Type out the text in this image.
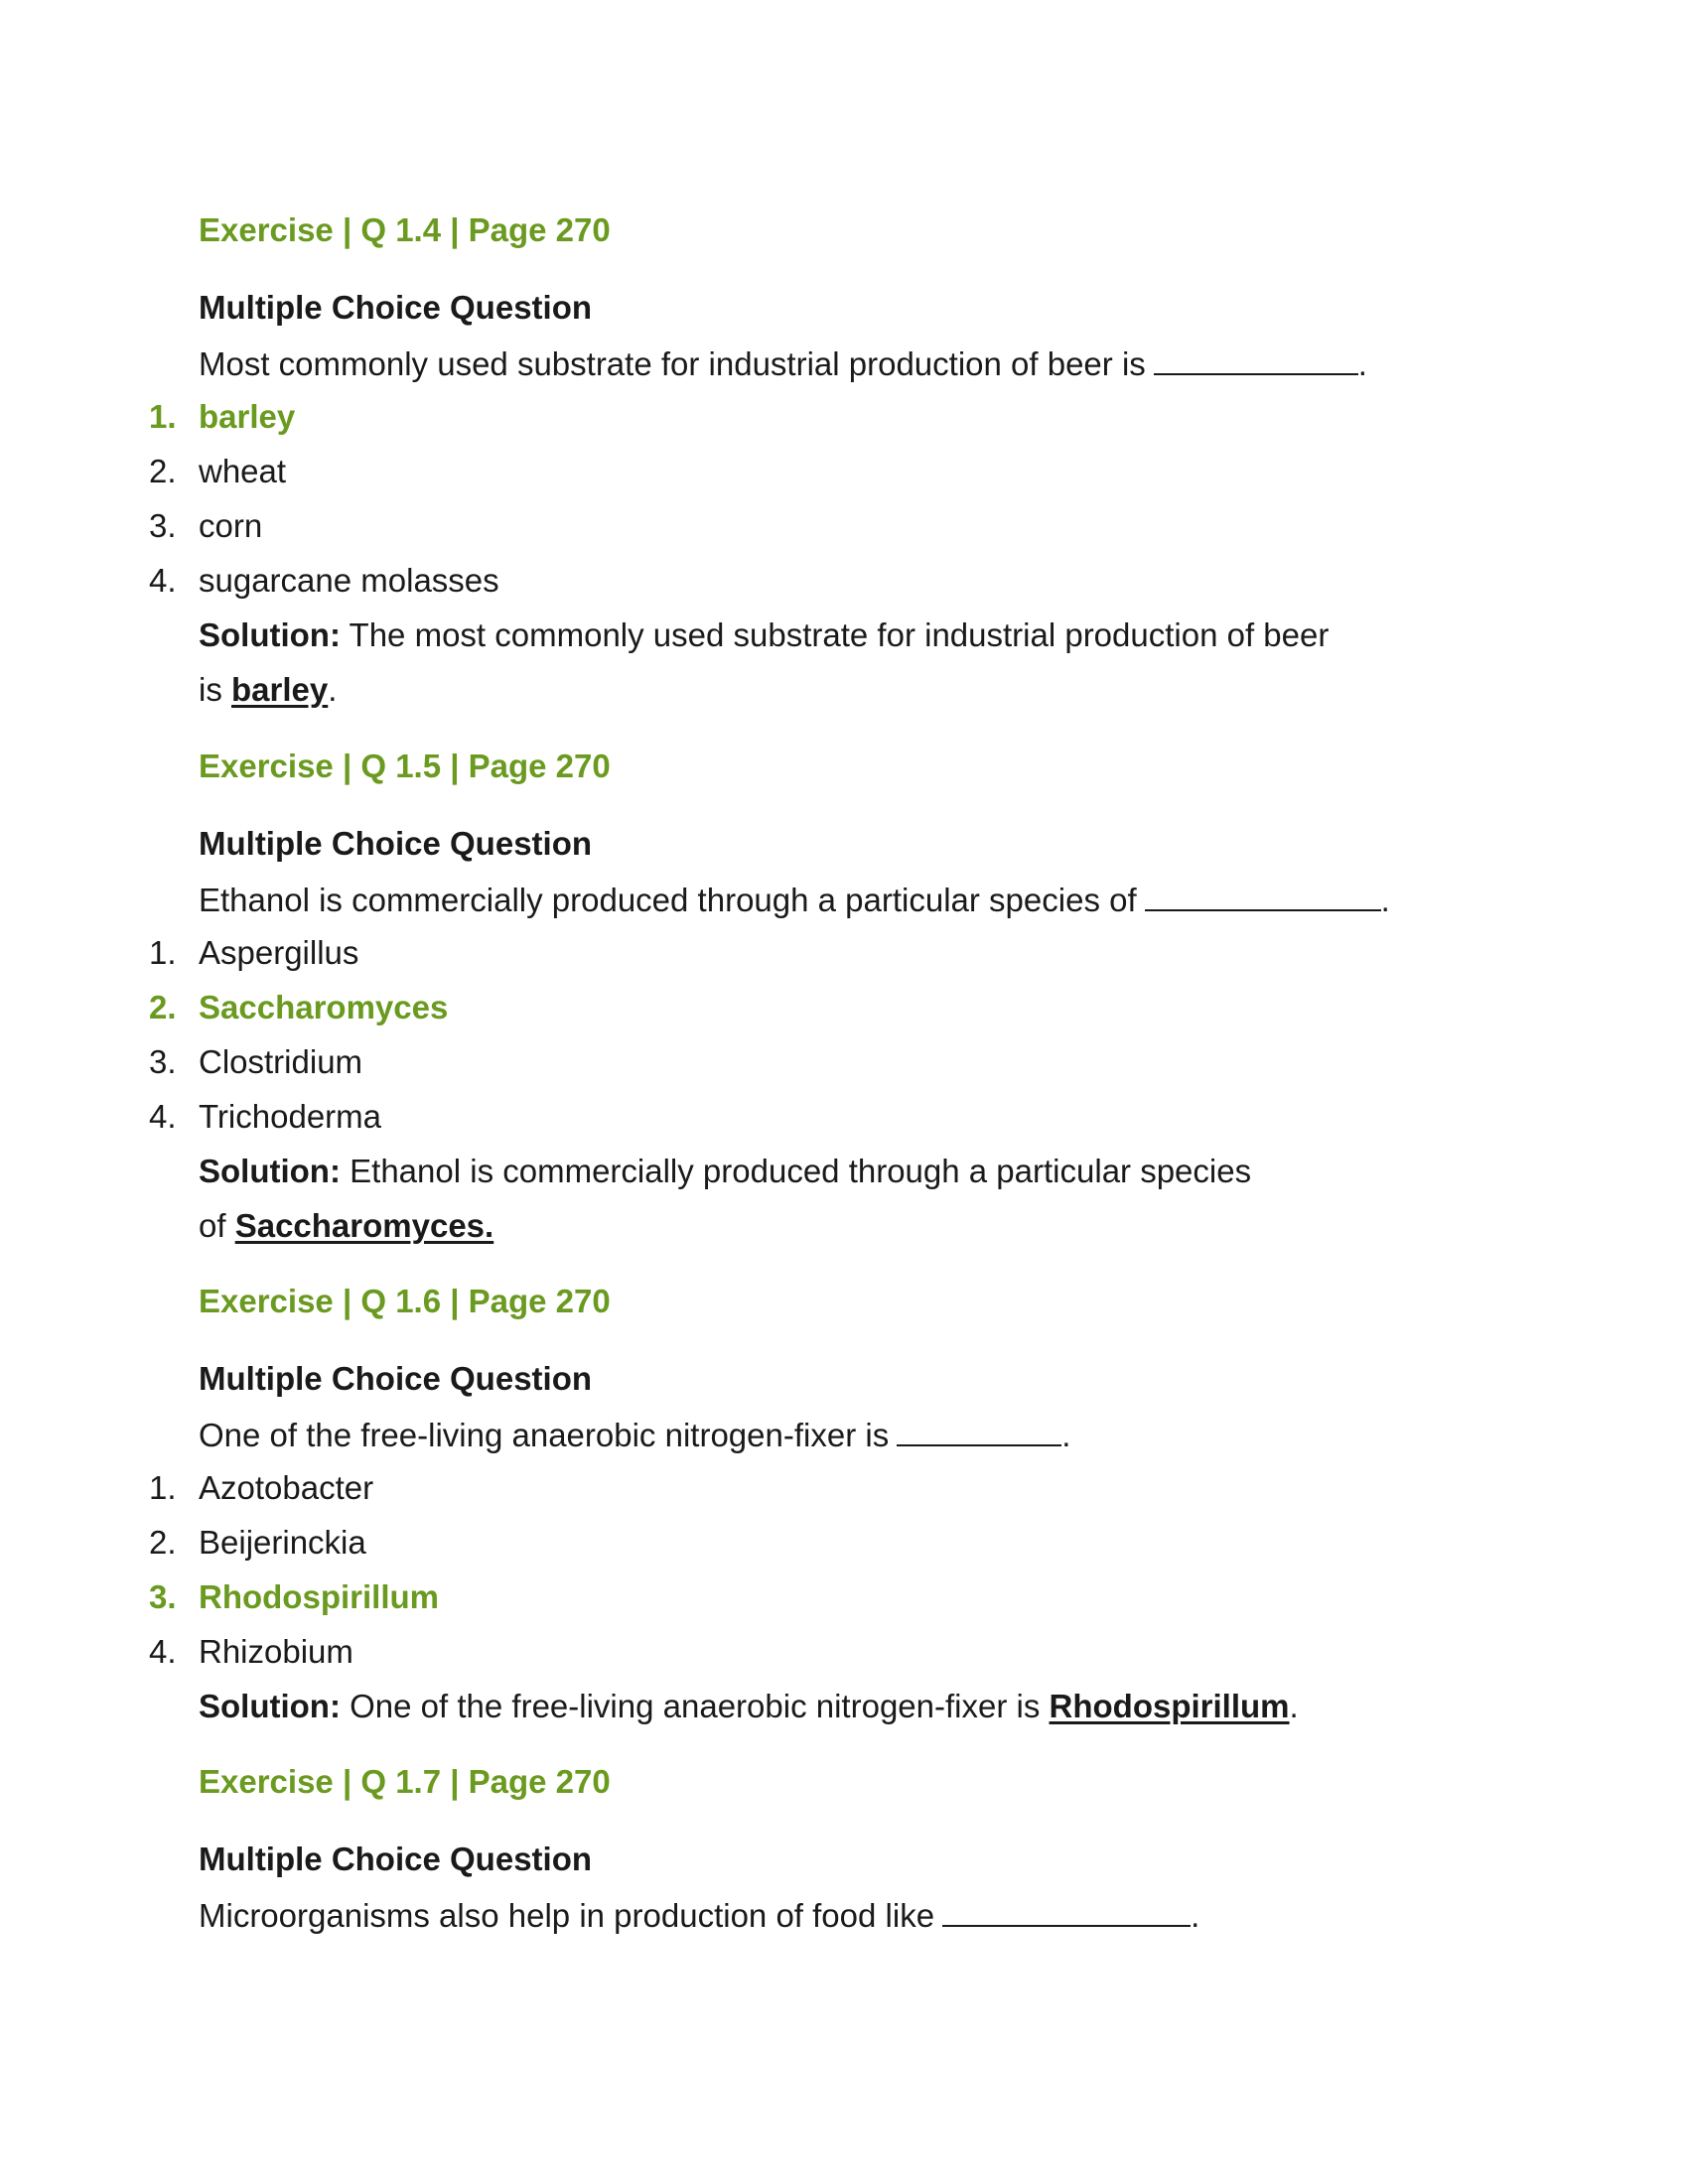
Exercise | Q 1.4 | Page 270
Multiple Choice Question
Most commonly used substrate for industrial production of beer is	.
1. barley
2. wheat
3. corn
4. sugarcane molasses
Solution: The most commonly used substrate for industrial production of beer
is barley.
Exercise | Q 1.5 | Page 270
Multiple Choice Question
Ethanol is commercially produced through a particular species of	.
1. Aspergillus
2. Saccharomyces
3. Clostridium
4. Trichoderma
Solution: Ethanol is commercially produced through a particular species
of Saccharomyces.
Exercise | Q 1.6 | Page 270
Multiple Choice Question
One of the free-living anaerobic nitrogen-fixer is	.
1. Azotobacter
2. Beijerinckia
3. Rhodospirillum
4. Rhizobium
Solution: One of the free-living anaerobic nitrogen-fixer is Rhodospirillum.
Exercise | Q 1.7 | Page 270
Multiple Choice Question
Microorganisms also help in production of food like	.
